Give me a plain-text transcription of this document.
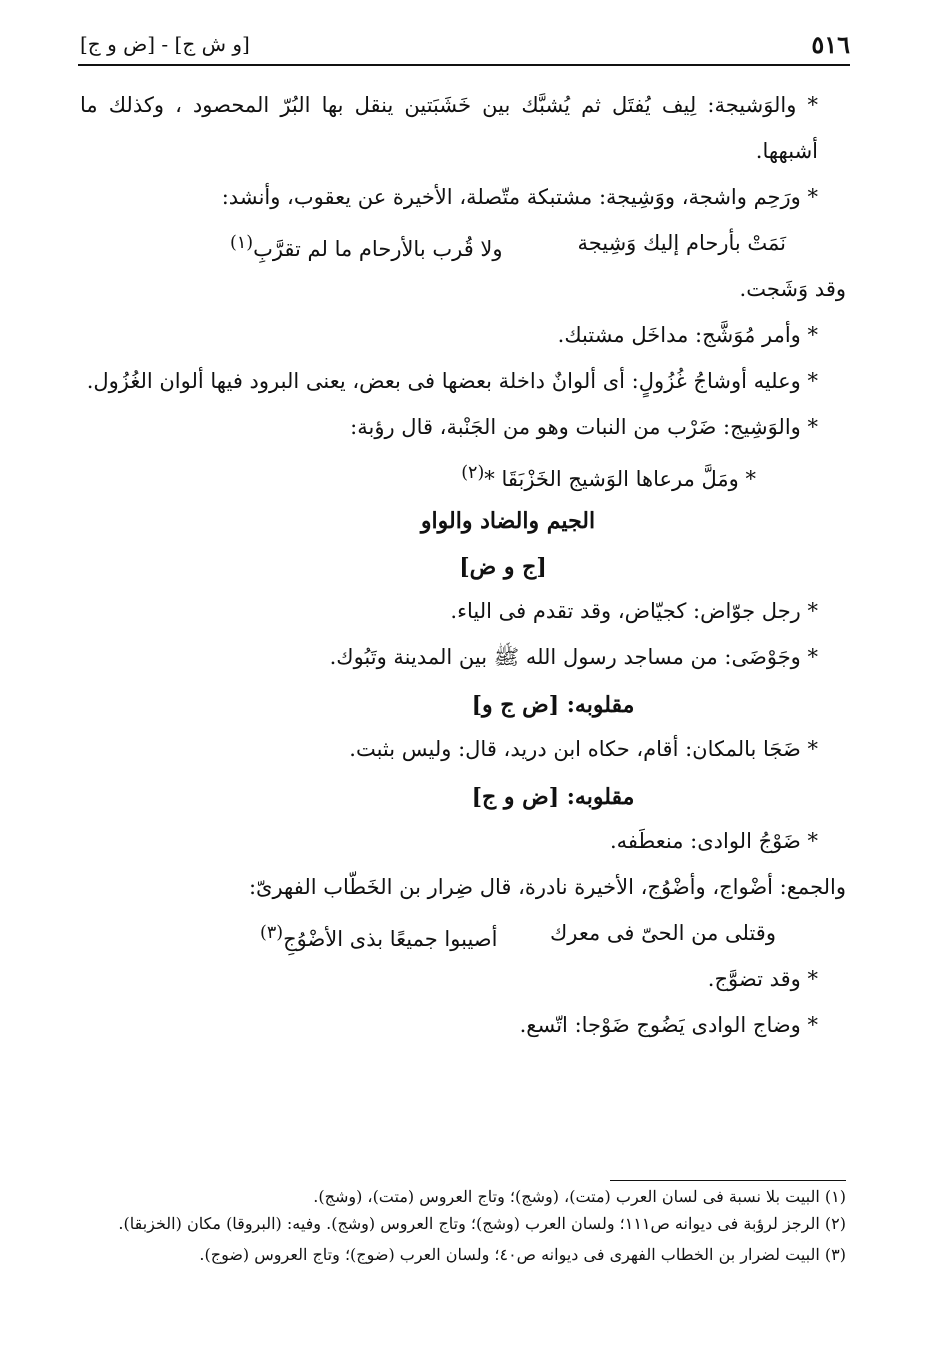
٥١٦
[و ش ج] - [ض و ج]

* والوَشيجة: لِيف يُفتَل ثم يُشبَّك بين خَشَبَتين ينقل بها البُرّ المحصود ، وكذلك ما أشبهها.

* ورَحِم واشجة، ووَشِيجة: مشتبكة متّصلة، الأخيرة عن يعقوب، وأنشد:

نَمَتْ بأرحام إليك وَشِيجة
ولا قُرب بالأرحام ما لم تقرَّبِ$^{(١)}$

وقد وَشَجت.

* وأمر مُوَشَّج: مداخَل مشتبك.

* وعليه أوشاجُ غُزُولٍ: أى ألوانٌ داخلة بعضها فى بعض، يعنى البرود فيها ألوان الغُزُول.

* والوَشِيج: ضَرْب من النبات وهو من الجَنْبة، قال رؤبة:

* ومَلَّ مرعاها الوَشيج الخَزْبَقَا *$^{(٢)}$
الجيم والضاد والواو
[ج و ض]

* رجل جوّاض: كجيّاض، وقد تقدم فى الياء.

* وجَوْضَى: من مساجد رسول الله ﷺ بين المدينة وتَبُوك.

مقلوبه: [ض ج و]

* ضَجَا بالمكان: أقام، حكاه ابن دريد، قال: وليس بثبت.

مقلوبه: [ض و ج]

* ضَوْجُ الوادى: منعطَفه.

والجمع: أضْواج، وأضْوُج، الأخيرة نادرة، قال ضِرار بن الخَطّاب الفهرىّ:

وقتلى من الحىّ فى معرك
أصيبوا جميعًا بذى الأضْوُجِ$^{(٣)}$

* وقد تضوَّج.

* وضاج الوادى يَضُوج ضَوْجا: اتّسع.

(١) البيت بلا نسبة فى لسان العرب (متت)، (وشج)؛ وتاج العروس (متت)، (وشج).

(٢) الرجز لرؤبة فى ديوانه ص١١١؛ ولسان العرب (وشج)؛ وتاج العروس (وشج). وفيه: (البروقا) مكان (الخزبقا).

(٣) البيت لضرار بن الخطاب الفهرى فى ديوانه ص٤٠؛ ولسان العرب (ضوج)؛ وتاج العروس (ضوج).
